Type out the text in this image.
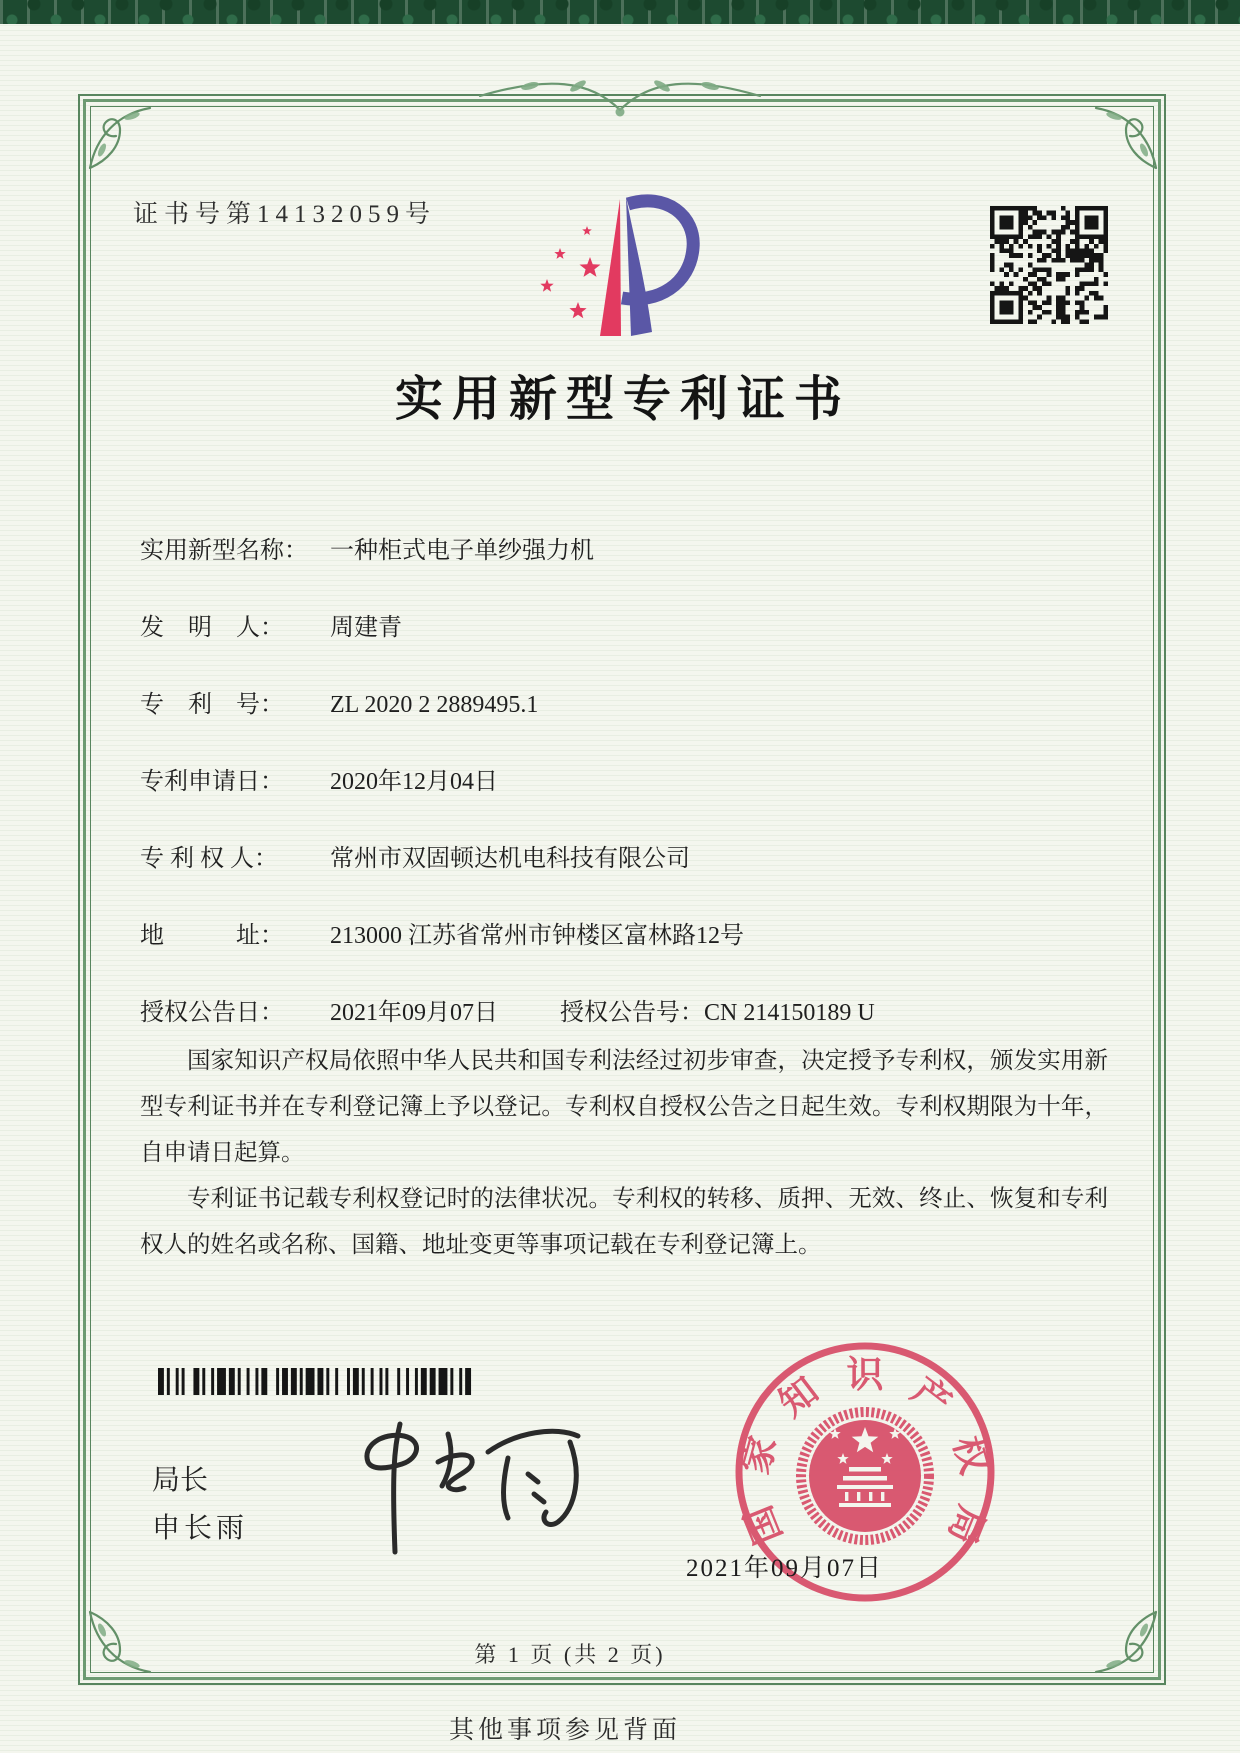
证书号第14132059号
实用新型专利证书
实用新型名称： 一种柜式电子单纱强力机
发　明　人： 周建青
专　利　号： ZL 2020 2 2889495.1
专利申请日： 2020年12月04日
专 利 权 人： 常州市双固顿达机电科技有限公司
地　　　址： 213000 江苏省常州市钟楼区富林路12号
授权公告日： 2021年09月07日	授权公告号：CN 214150189 U
国家知识产权局依照中华人民共和国专利法经过初步审查，决定授予专利权，颁发实用新型专利证书并在专利登记簿上予以登记。专利权自授权公告之日起生效。专利权期限为十年，自申请日起算。
专利证书记载专利权登记时的法律状况。专利权的转移、质押、无效、终止、恢复和专利权人的姓名或名称、国籍、地址变更等事项记载在专利登记簿上。
局长
申长雨	国
家
知 识 产
权
局
2021年09月07日
第 1 页 (共 2 页)
其他事项参见背面
